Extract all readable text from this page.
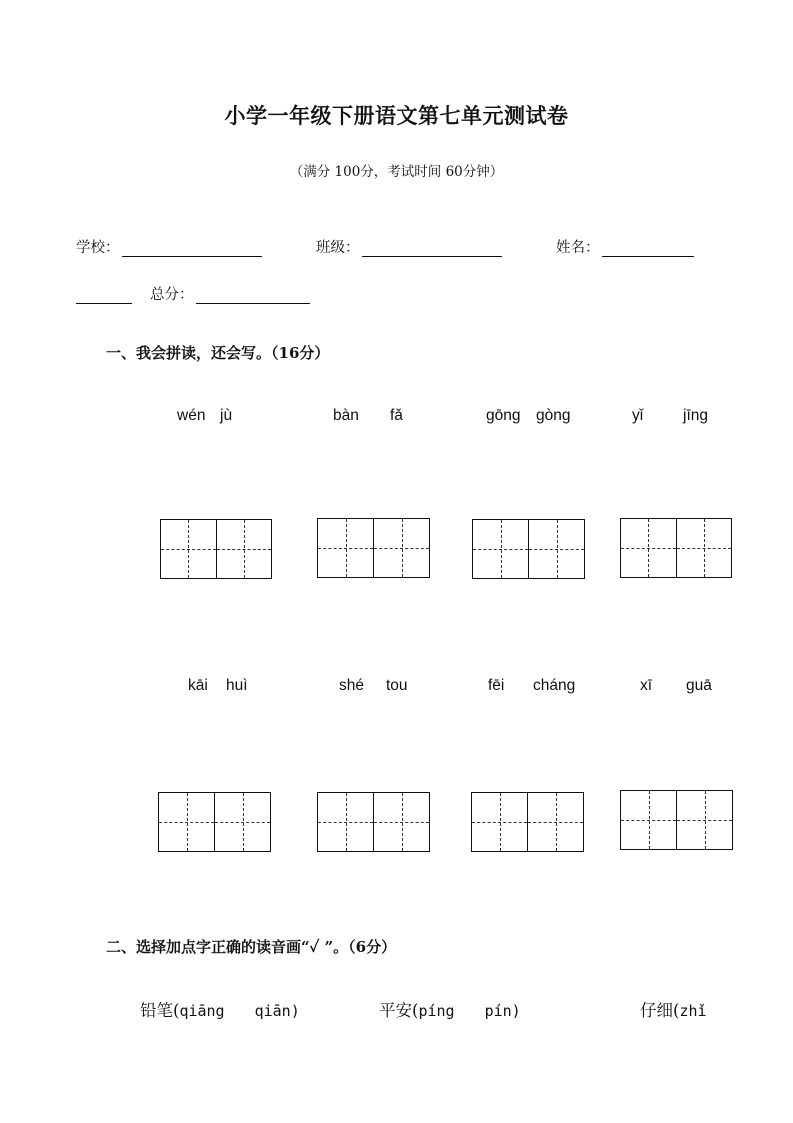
小学一年级下册语文第七单元测试卷
（满分 100分，考试时间 60分钟）
学校：	班级：	姓名：
总分：
一、我会拼读，还会写。（16分）
wén jù	bàn fǎ	gōng gòng	yǐ	jīng
kāi huì	shé tou	fēi cháng	xī guā
二、选择加点字正确的读音画“✓ ”。（6分）
铅笔(qiāng qiān)	平安(píng pín)	仔细(zhǐ
